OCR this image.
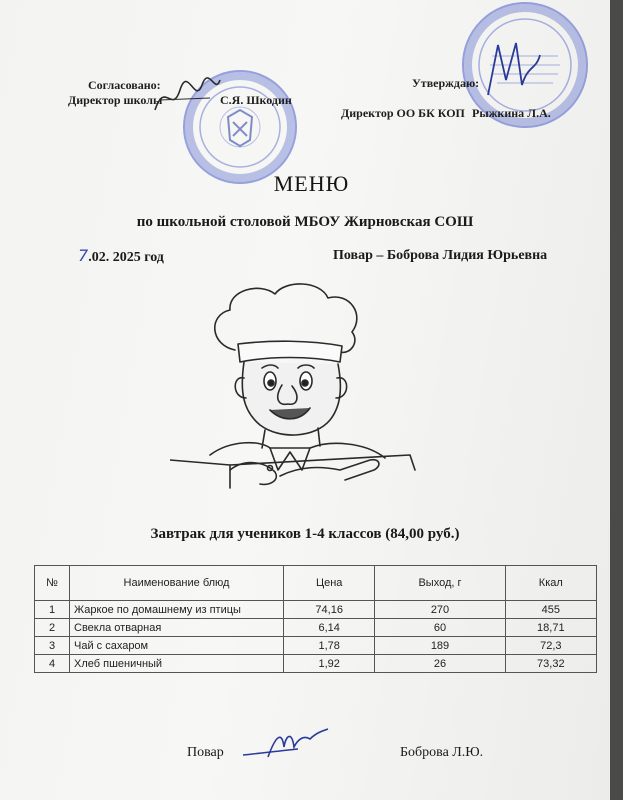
Согласовано:
Директор школы	С.Я. Шкодин
Утверждаю:
Директор ОО БК КОП Рыжкина Л.А.
МЕНЮ
по школьной столовой МБОУ Жирновская СОШ
7.02. 2025 год	Повар – Боброва Лидия Юрьевна
Завтрак для учеников 1-4 классов (84,00 руб.)
№	Наименование блюд	Цена	Выход, г	Ккал
1	Жаркое по домашнему из птицы	74,16	270	455
2	Свекла отварная	6,14	60	18,71
3	Чай с сахаром	1,78	189	72,3
4	Хлеб пшеничный	1,92	26	73,32
Повар	Боброва Л.Ю.
